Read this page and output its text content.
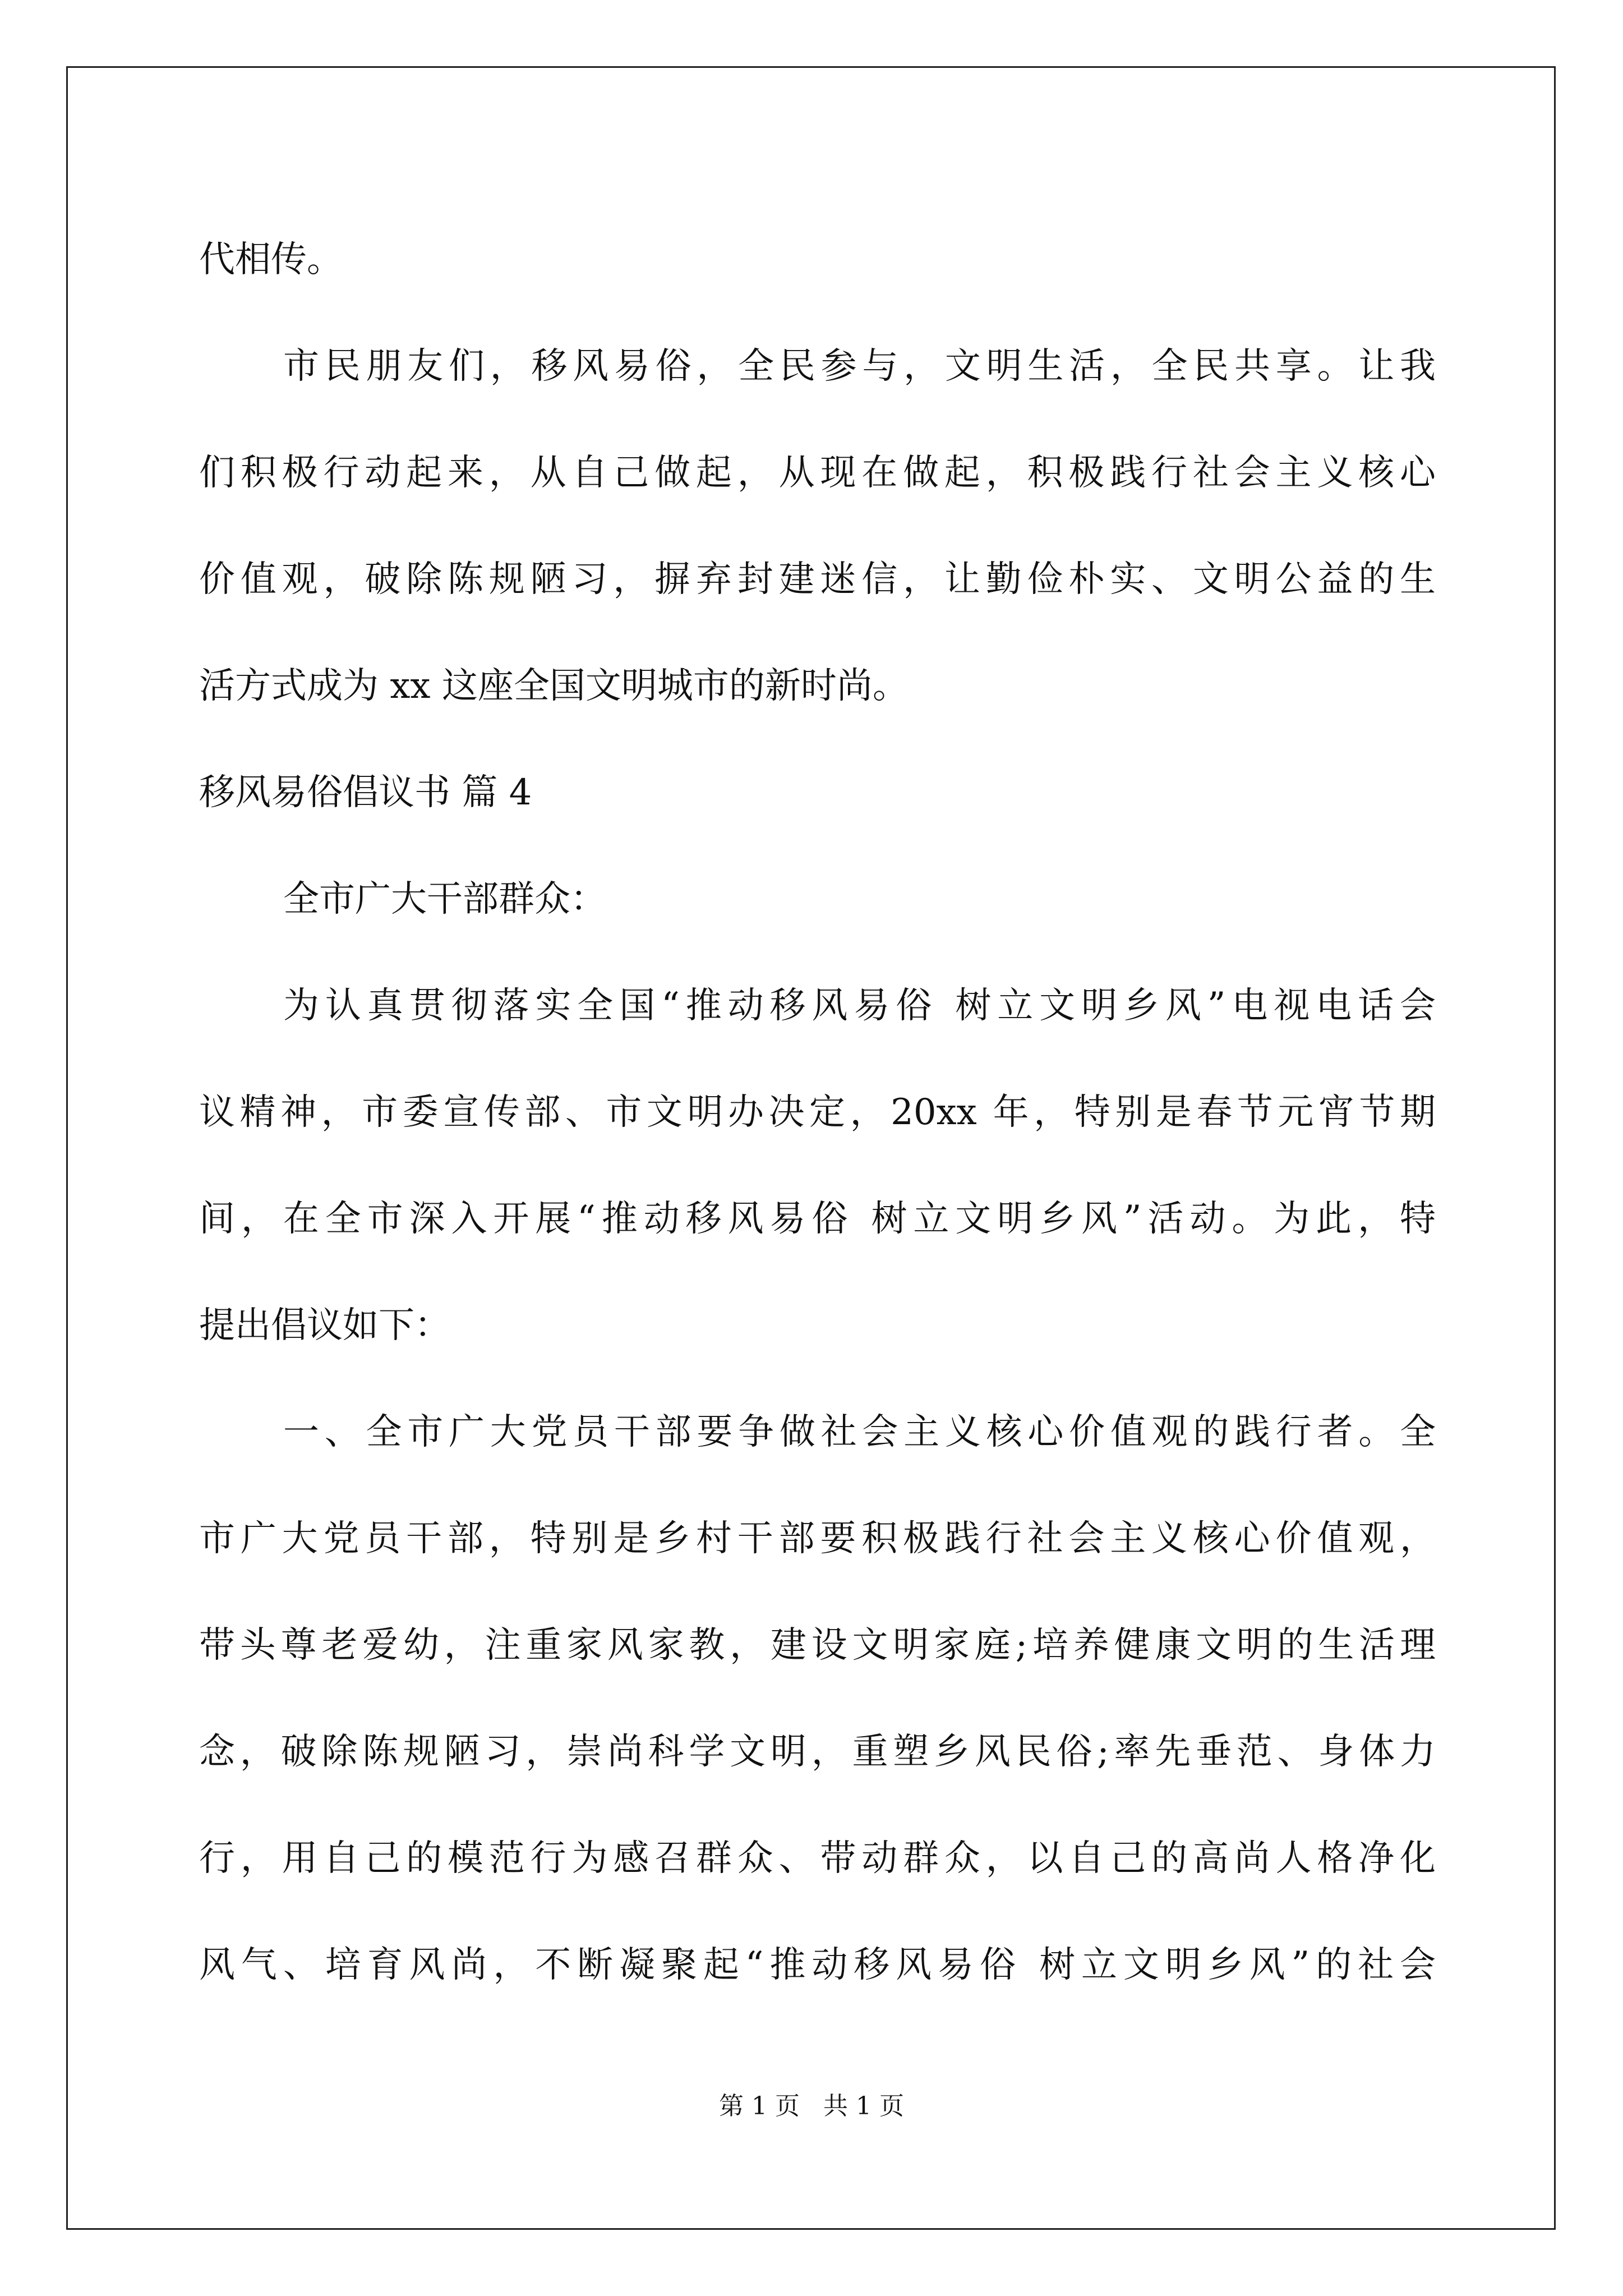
代相传。
市民朋友们，移风易俗，全民参与，文明生活，全民共享。让我
们积极行动起来，从自己做起，从现在做起，积极践行社会主义核心
价值观，破除陈规陋习，摒弃封建迷信，让勤俭朴实、文明公益的生
活方式成为 xx 这座全国文明城市的新时尚。
移风易俗倡议书 篇 4
全市广大干部群众：
为认真贯彻落实全国“推动移风易俗 树立文明乡风”电视电话会
议精神，市委宣传部、市文明办决定，20xx 年，特别是春节元宵节期
间，在全市深入开展“推动移风易俗 树立文明乡风”活动。为此，特
提出倡议如下：
一、全市广大党员干部要争做社会主义核心价值观的践行者。全
市广大党员干部，特别是乡村干部要积极践行社会主义核心价值观，
带头尊老爱幼，注重家风家教，建设文明家庭;培养健康文明的生活理
念，破除陈规陋习，崇尚科学文明，重塑乡风民俗;率先垂范、身体力
行，用自己的模范行为感召群众、带动群众，以自己的高尚人格净化
风气、培育风尚，不断凝聚起“推动移风易俗 树立文明乡风”的社会
第 1 页   共 1 页
